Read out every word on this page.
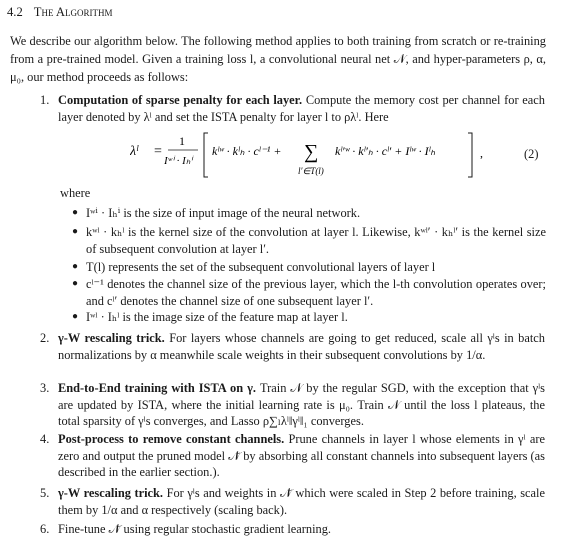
4.2 The Algorithm
We describe our algorithm below. The following method applies to both training from scratch or re-training from a pre-trained model. Given a training loss l, a convolutional neural net 𝒩, and hyper-parameters ρ, α, μ₀, our method proceeds as follows:
1. Computation of sparse penalty for each layer. Compute the memory cost per channel for each layer denoted by λˡ and set the ISTA penalty for layer l to ρλˡ. Here
λˡ =
1
Iʷⁱ · Iₕⁱ
kˡʷ · kˡₕ · cˡ⁻¹ + ∑
l′∈T(l)
kˡ′ʷ · kˡ′ₕ · cˡ′ + Iˡʷ · Iˡₕ	,	(2)
where
● Iʷⁱ · Iₕⁱ is the size of input image of the neural network.
● kʷˡ · kₕˡ is the kernel size of the convolution at layer l. Likewise, kʷˡ′ · kₕˡ′ is the kernel size of subsequent convolution at layer l′.
● T(l) represents the set of the subsequent convolutional layers of layer l
● cˡ⁻¹ denotes the channel size of the previous layer, which the l-th convolution operates over; and cˡ′ denotes the channel size of one subsequent layer l′.
● Iʷˡ · Iₕˡ is the image size of the feature map at layer l.
2. γ-W rescaling trick. For layers whose channels are going to get reduced, scale all γˡs in batch normalizations by α meanwhile scale weights in their subsequent convolutions by 1/α.
3. End-to-End training with ISTA on γ. Train 𝒩 by the regular SGD, with the exception that γˡs are updated by ISTA, where the initial learning rate is μ₀. Train 𝒩 until the loss l plateaus, the total sparsity of γˡs converges, and Lasso ρ∑ₗλˡ‖γˡ‖₁ converges.
4. Post-process to remove constant channels. Prune channels in layer l whose elements in γˡ are zero and output the pruned model 𝒩̃ by absorbing all constant channels into subsequent layers (as described in the earlier section.).
5. γ-W rescaling trick. For γˡs and weights in 𝒩̃ which were scaled in Step 2 before training, scale them by 1/α and α respectively (scaling back).
6. Fine-tune 𝒩̃ using regular stochastic gradient learning.
